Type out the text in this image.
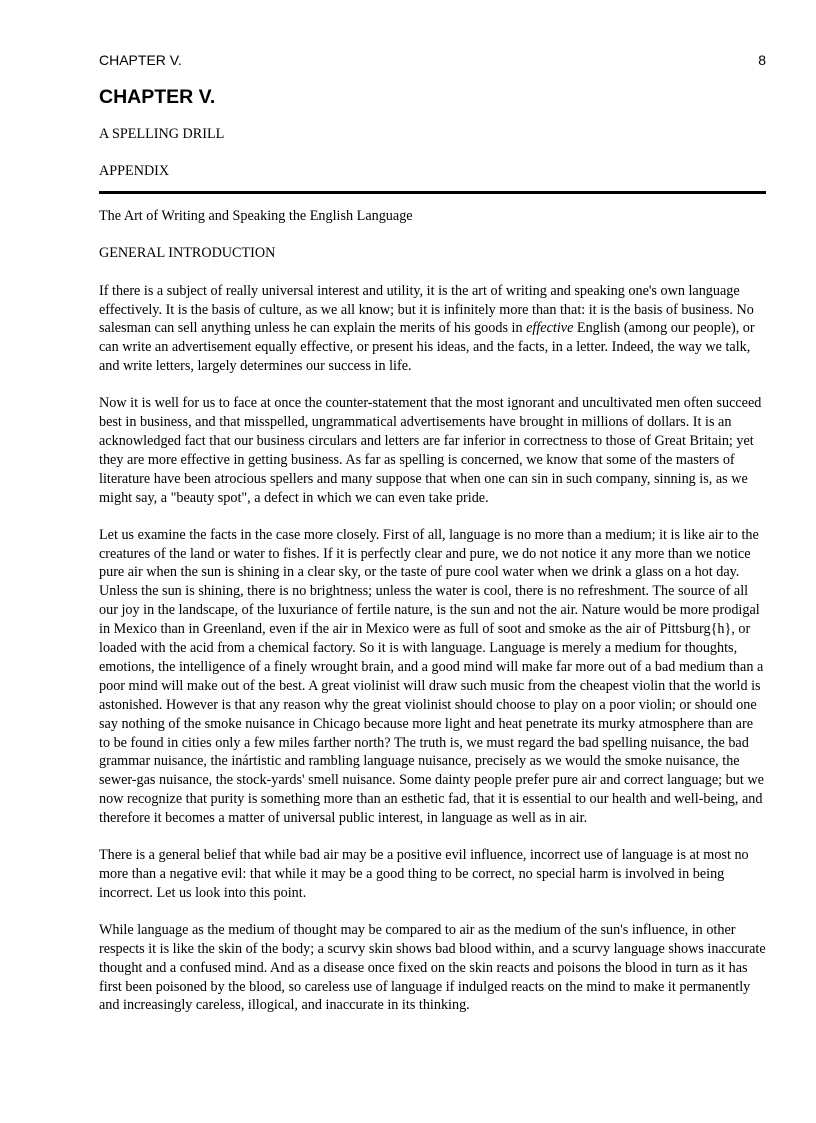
CHAPTER V.	8
CHAPTER V.

A SPELLING DRILL

APPENDIX

The Art of Writing and Speaking the English Language

GENERAL INTRODUCTION

If there is a subject of really universal interest and utility, it is the art of writing and speaking one's own language effectively. It is the basis of culture, as we all know; but it is infinitely more than that: it is the basis of business. No salesman can sell anything unless he can explain the merits of his goods in effective English (among our people), or can write an advertisement equally effective, or present his ideas, and the facts, in a letter. Indeed, the way we talk, and write letters, largely determines our success in life.

Now it is well for us to face at once the counter-statement that the most ignorant and uncultivated men often succeed best in business, and that misspelled, ungrammatical advertisements have brought in millions of dollars. It is an acknowledged fact that our business circulars and letters are far inferior in correctness to those of Great Britain; yet they are more effective in getting business. As far as spelling is concerned, we know that some of the masters of literature have been atrocious spellers and many suppose that when one can sin in such company, sinning is, as we might say, a "beauty spot", a defect in which we can even take pride.

Let us examine the facts in the case more closely. First of all, language is no more than a medium; it is like air to the creatures of the land or water to fishes. If it is perfectly clear and pure, we do not notice it any more than we notice pure air when the sun is shining in a clear sky, or the taste of pure cool water when we drink a glass on a hot day. Unless the sun is shining, there is no brightness; unless the water is cool, there is no refreshment. The source of all our joy in the landscape, of the luxuriance of fertile nature, is the sun and not the air. Nature would be more prodigal in Mexico than in Greenland, even if the air in Mexico were as full of soot and smoke as the air of Pittsburg{h}, or loaded with the acid from a chemical factory. So it is with language. Language is merely a medium for thoughts, emotions, the intelligence of a finely wrought brain, and a good mind will make far more out of a bad medium than a poor mind will make out of the best. A great violinist will draw such music from the cheapest violin that the world is astonished. However is that any reason why the great violinist should choose to play on a poor violin; or should one say nothing of the smoke nuisance in Chicago because more light and heat penetrate its murky atmosphere than are to be found in cities only a few miles farther north? The truth is, we must regard the bad spelling nuisance, the bad grammar nuisance, the inártistic and rambling language nuisance, precisely as we would the smoke nuisance, the sewer-gas nuisance, the stock-yards' smell nuisance. Some dainty people prefer pure air and correct language; but we now recognize that purity is something more than an esthetic fad, that it is essential to our health and well-being, and therefore it becomes a matter of universal public interest, in language as well as in air.

There is a general belief that while bad air may be a positive evil influence, incorrect use of language is at most no more than a negative evil: that while it may be a good thing to be correct, no special harm is involved in being incorrect. Let us look into this point.

While language as the medium of thought may be compared to air as the medium of the sun's influence, in other respects it is like the skin of the body; a scurvy skin shows bad blood within, and a scurvy language shows inaccurate thought and a confused mind. And as a disease once fixed on the skin reacts and poisons the blood in turn as it has first been poisoned by the blood, so careless use of language if indulged reacts on the mind to make it permanently and increasingly careless, illogical, and inaccurate in its thinking.
